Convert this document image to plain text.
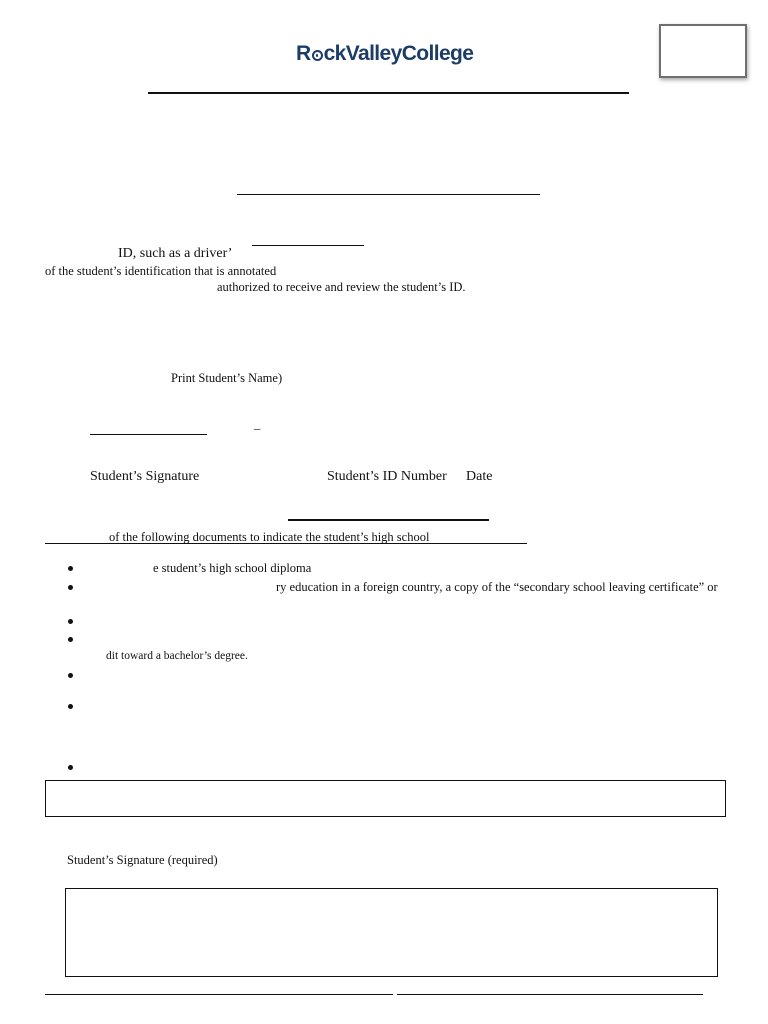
R ckValleyCollege
ID, such as a driver’
of the student’s identification that is annotated
authorized to receive and review the student’s ID.
Print Student’s Name)
_
Student’s Signature	Student’s ID Number Date
of the following documents to indicate the student’s high school
e student’s high school diploma
ry education in a foreign country, a copy of the “secondary school leaving certificate” or
dit toward a bachelor’s degree.
Student’s Signature (required)
